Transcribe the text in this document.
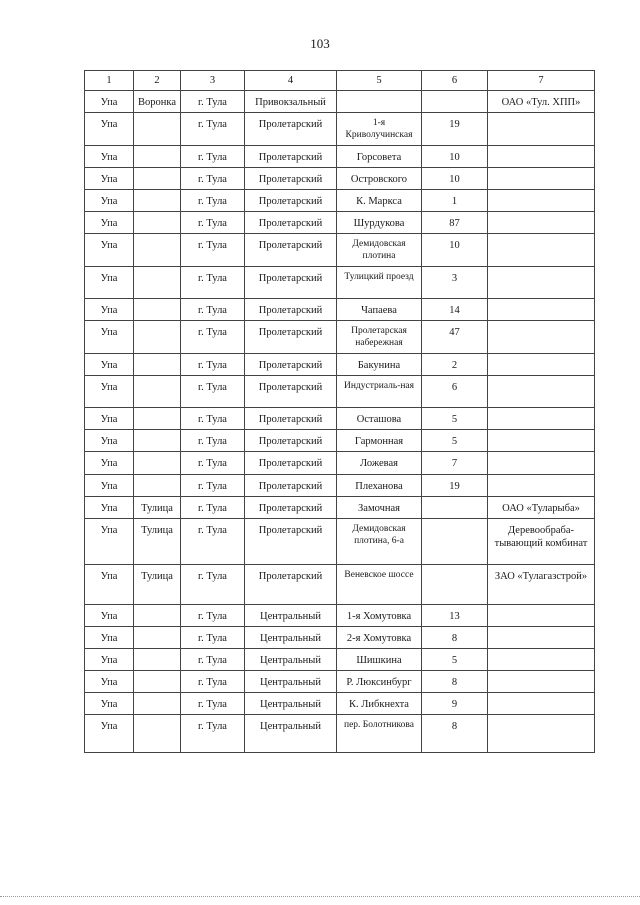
103
1	2	3	4	5	6	7
Упа	Воронка	г. Тула	Привокзальный			ОАО «Тул. ХПП»
Упа		г. Тула	Пролетарский	1-я Криволучинская	19	
Упа		г. Тула	Пролетарский	Горсовета	10	
Упа		г. Тула	Пролетарский	Островского	10	
Упа		г. Тула	Пролетарский	К. Маркса	1	
Упа		г. Тула	Пролетарский	Шурдукова	87	
Упа		г. Тула	Пролетарский	Демидовская плотина	10	
Упа		г. Тула	Пролетарский	Тулицкий проезд	3	
Упа		г. Тула	Пролетарский	Чапаева	14	
Упа		г. Тула	Пролетарский	Пролетарская набережная	47	
Упа		г. Тула	Пролетарский	Бакунина	2	
Упа		г. Тула	Пролетарский	Индустриаль-ная	6	
Упа		г. Тула	Пролетарский	Осташова	5	
Упа		г. Тула	Пролетарский	Гармонная	5	
Упа		г. Тула	Пролетарский	Ложевая	7	
Упа		г. Тула	Пролетарский	Плеханова	19	
Упа	Тулица	г. Тула	Пролетарский	Замочная		ОАО «Туларыба»
Упа	Тулица	г. Тула	Пролетарский	Демидовская плотина, 6-а		Деревообраба-тывающий комбинат
Упа	Тулица	г. Тула	Пролетарский	Веневское шоссе		ЗАО «Тулагазстрой»
Упа		г. Тула	Центральный	1-я Хомутовка	13	
Упа		г. Тула	Центральный	2-я Хомутовка	8	
Упа		г. Тула	Центральный	Шишкина	5	
Упа		г. Тула	Центральный	Р. Люксинбург	8	
Упа		г. Тула	Центральный	К. Либкнехта	9	
Упа		г. Тула	Центральный	пер. Болотникова	8	
